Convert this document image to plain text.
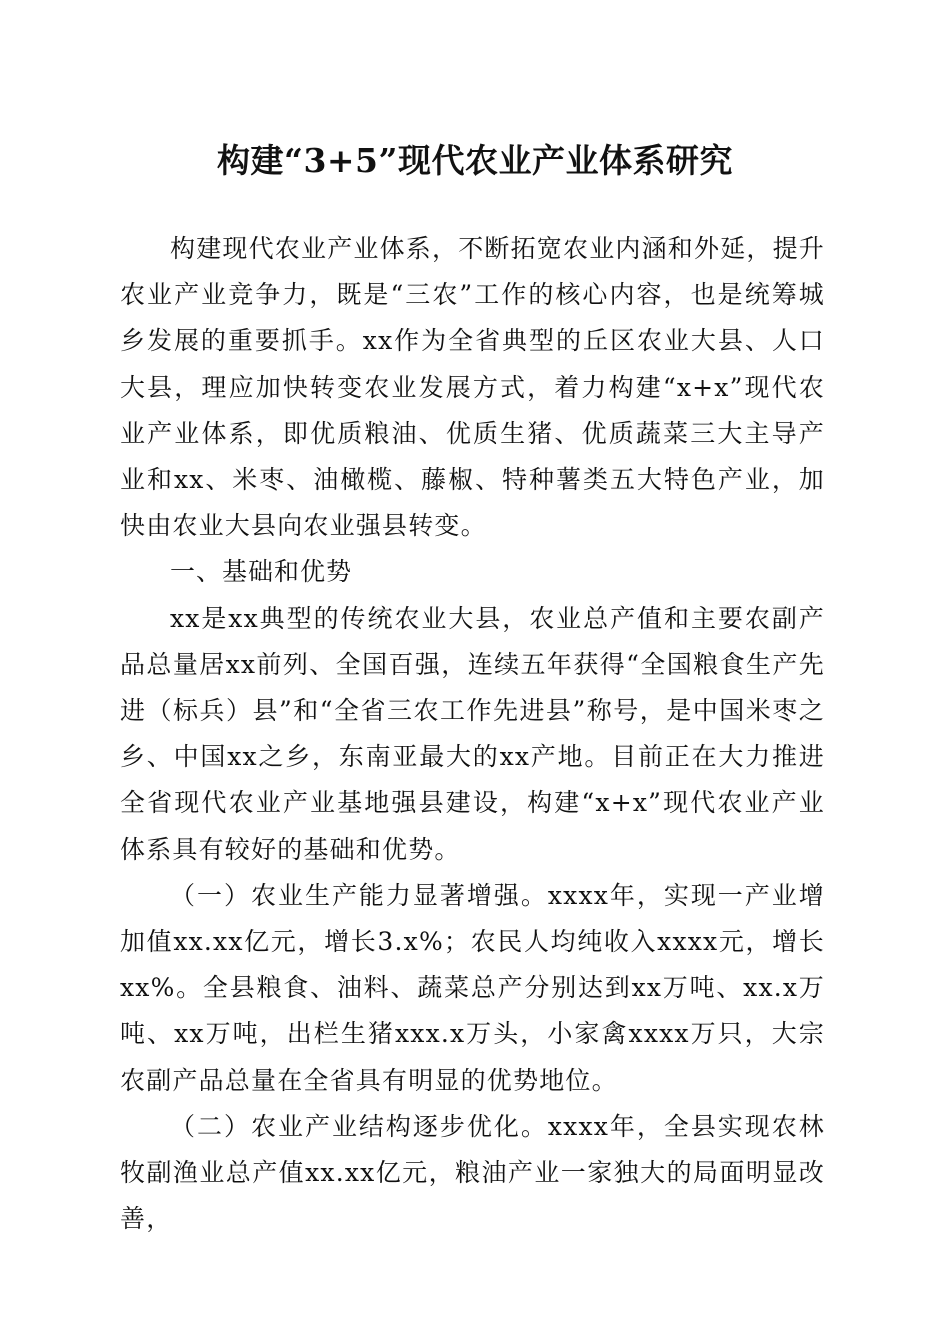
构建“3+5”现代农业产业体系研究

构建现代农业产业体系，不断拓宽农业内涵和外延，提升农业产业竞争力，既是“三农”工作的核心内容，也是统筹城乡发展的重要抓手。xx作为全省典型的丘区农业大县、人口大县，理应加快转变农业发展方式，着力构建“x+x”现代农业产业体系，即优质粮油、优质生猪、优质蔬菜三大主导产业和xx、米枣、油橄榄、藤椒、特种薯类五大特色产业，加快由农业大县向农业强县转变。

一、基础和优势

xx是xx典型的传统农业大县，农业总产值和主要农副产品总量居xx前列、全国百强，连续五年获得“全国粮食生产先进（标兵）县”和“全省三农工作先进县”称号，是中国米枣之乡、中国xx之乡，东南亚最大的xx产地。目前正在大力推进全省现代农业产业基地强县建设，构建“x+x”现代农业产业体系具有较好的基础和优势。

（一）农业生产能力显著增强。xxxx年，实现一产业增加值xx.xx亿元，增长3.x%；农民人均纯收入xxxx元，增长xx%。全县粮食、油料、蔬菜总产分别达到xx万吨、xx.x万吨、xx万吨，出栏生猪xxx.x万头，小家禽xxxx万只，大宗农副产品总量在全省具有明显的优势地位。

（二）农业产业结构逐步优化。xxxx年，全县实现农林牧副渔业总产值xx.xx亿元，粮油产业一家独大的局面明显改善，
